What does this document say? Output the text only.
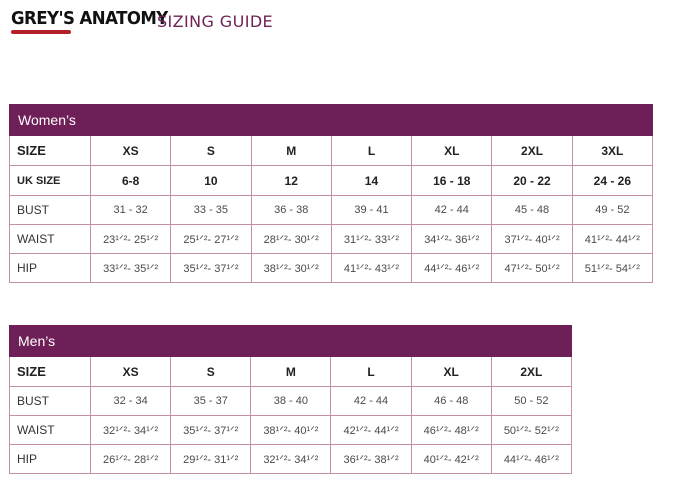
GREY'S ANATOMY
SIZING GUIDE
Women’s							
SIZE	XS	S	M	L	XL	2XL	3XL
UK SIZE	6-8	10	12	14	16 - 18	20 - 22	24 - 26
BUST	31 - 32	33 - 35	36 - 38	39 - 41	42 - 44	45 - 48	49 - 52
WAIST	23¹ᐟ²- 25¹ᐟ²	25¹ᐟ²- 27¹ᐟ²	28¹ᐟ²- 30¹ᐟ²	31¹ᐟ²- 33¹ᐟ²	34¹ᐟ²- 36¹ᐟ²	37¹ᐟ²- 40¹ᐟ²	41¹ᐟ²- 44¹ᐟ²
HIP	33¹ᐟ²- 35¹ᐟ²	35¹ᐟ²- 37¹ᐟ²	38¹ᐟ²- 30¹ᐟ²	41¹ᐟ²- 43¹ᐟ²	44¹ᐟ²- 46¹ᐟ²	47¹ᐟ²- 50¹ᐟ²	51¹ᐟ²- 54¹ᐟ²
Men’s						
SIZE	XS	S	M	L	XL	2XL
BUST	32 - 34	35 - 37	38 - 40	42 - 44	46 - 48	50 - 52
WAIST	32¹ᐟ²- 34¹ᐟ²	35¹ᐟ²- 37¹ᐟ²	38¹ᐟ²- 40¹ᐟ²	42¹ᐟ²- 44¹ᐟ²	46¹ᐟ²- 48¹ᐟ²	50¹ᐟ²- 52¹ᐟ²
HIP	26¹ᐟ²- 28¹ᐟ²	29¹ᐟ²- 31¹ᐟ²	32¹ᐟ²- 34¹ᐟ²	36¹ᐟ²- 38¹ᐟ²	40¹ᐟ²- 42¹ᐟ²	44¹ᐟ²- 46¹ᐟ²
